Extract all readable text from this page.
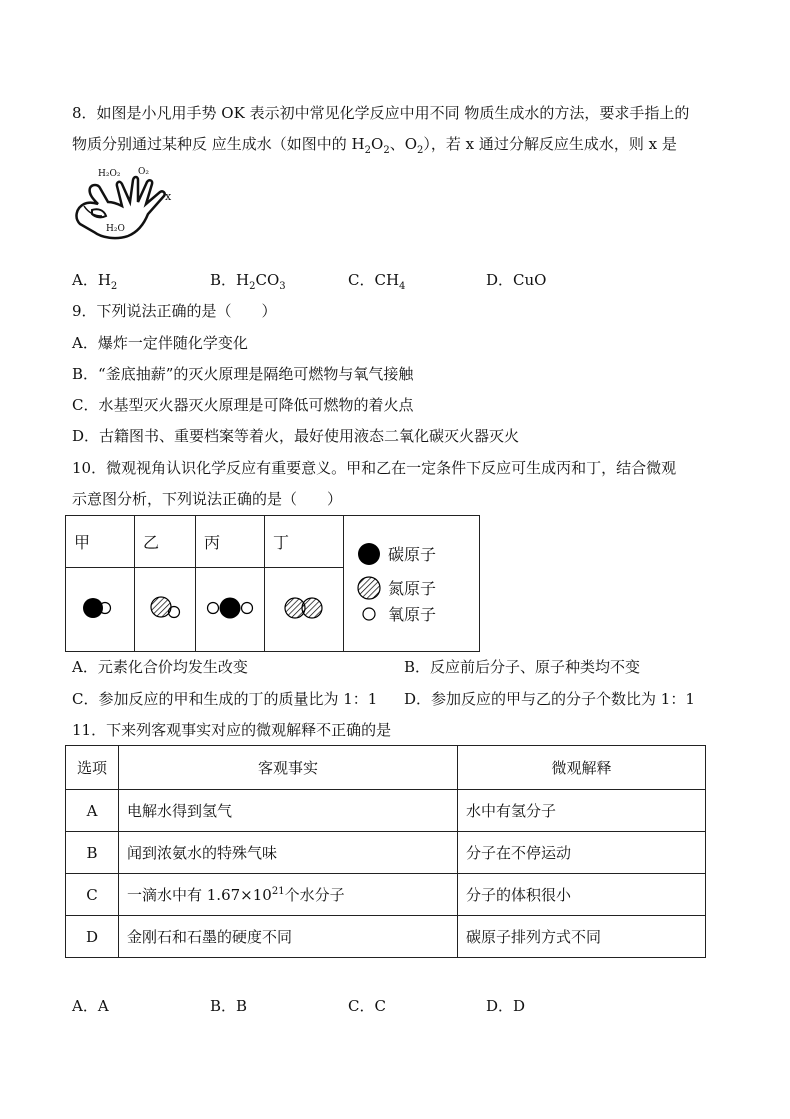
8．如图是小凡用手势 OK 表示初中常见化学反应中用不同 物质生成水的方法，要求手指上的
物质分别通过某种反 应生成水（如图中的 $H_2O_2$、$O_2$），若 x 通过分解反应生成水，则 x 是
H₂O₂ O₂
x
H₂O
A．$H_2$	B．$H_2CO_3$	C．$CH_4$	D．CuO
9．下列说法正确的是（　　）
A．爆炸一定伴随化学变化
B．“釜底抽薪”的灭火原理是隔绝可燃物与氧气接触
C．水基型灭火器灭火原理是可降低可燃物的着火点
D．古籍图书、重要档案等着火，最好使用液态二氧化碳灭火器灭火
10．微观视角认识化学反应有重要意义。甲和乙在一定条件下反应可生成丙和丁，结合微观
示意图分析，下列说法正确的是（　　）
甲	乙	丙	丁	碳原子
氮原子
氧原子

A．元素化合价均发生改变	B．反应前后分子、原子种类均不变
C．参加反应的甲和生成的丁的质量比为 1：1 D．参加反应的甲与乙的分子个数比为 1：1
11．下来列客观事实对应的微观解释不正确的是
选项	客观事实	微观解释
A	电解水得到氢气	水中有氢分子
B	闻到浓氨水的特殊气味	分子在不停运动
C	一滴水中有 $1.67\times 10^{21}$个水分子	分子的体积很小
D	金刚石和石墨的硬度不同	碳原子排列方式不同
A．A	B．B	C．C	D．D
